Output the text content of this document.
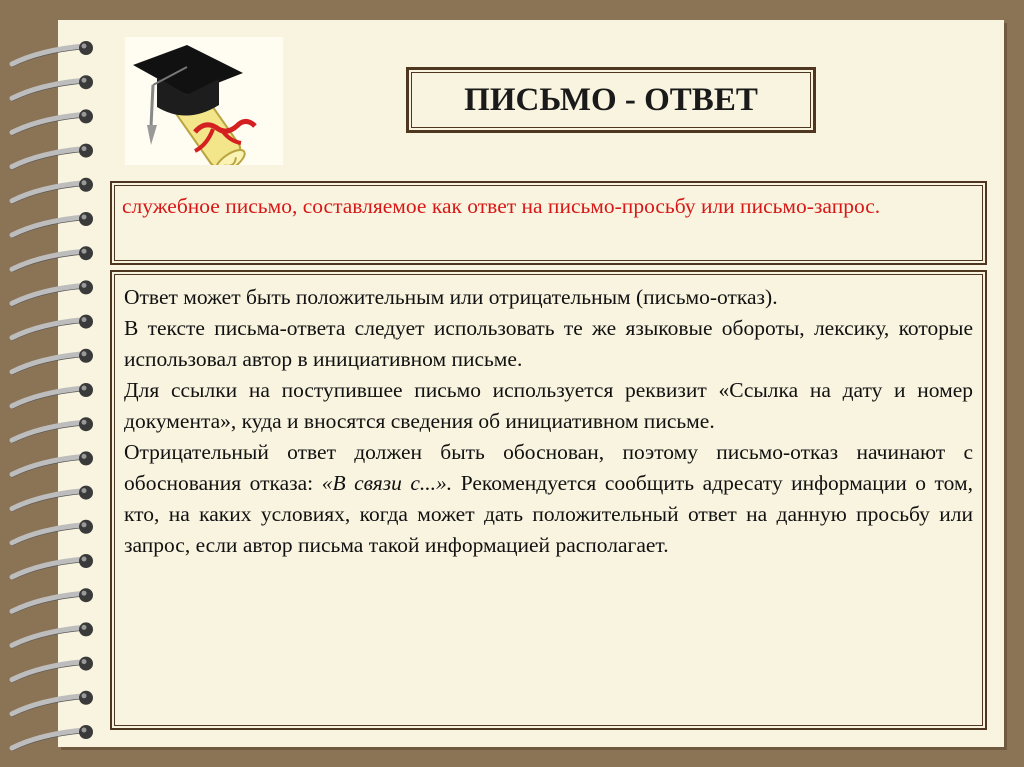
ПИСЬМО - ОТВЕТ
служебное письмо, составляемое как ответ на письмо-просьбу или письмо-запрос.

Ответ может быть положительным или отрицательным (письмо-отказ).

В тексте письма-ответа следует использовать те же языковые обороты, лексику, которые использовал автор в инициативном письме.

Для ссылки на поступившее письмо используется реквизит «Ссылка на дату и номер документа», куда и вносятся сведения об инициативном письме.

Отрицательный ответ должен быть обоснован, поэтому письмо-отказ начинают с обоснования отказа: «В связи с...». Рекомендуется сообщить адресату информации о том, кто, на каких условиях, когда может дать положительный ответ на данную просьбу или запрос, если автор письма такой информацией располагает.
